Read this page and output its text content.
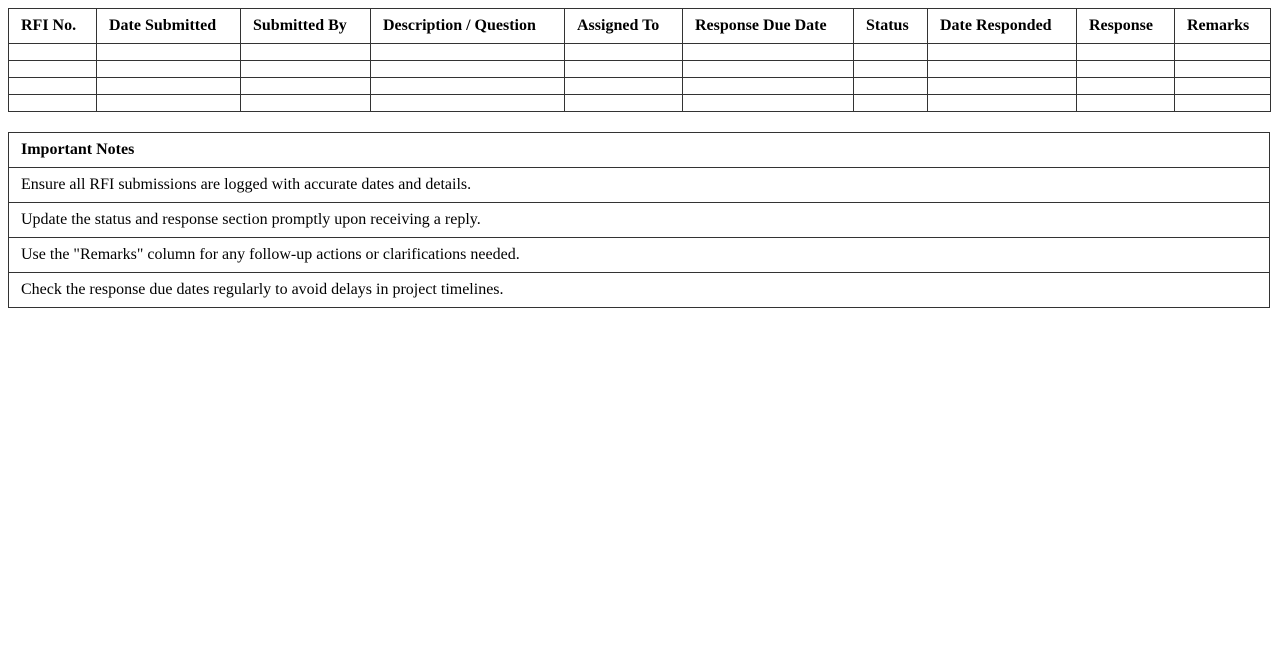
RFI No.	Date Submitted	Submitted By	Description / Question	Assigned To	Response Due Date	Status	Date Responded	Response	Remarks

Important Notes
Ensure all RFI submissions are logged with accurate dates and details.
Update the status and response section promptly upon receiving a reply.
Use the "Remarks" column for any follow-up actions or clarifications needed.
Check the response due dates regularly to avoid delays in project timelines.
